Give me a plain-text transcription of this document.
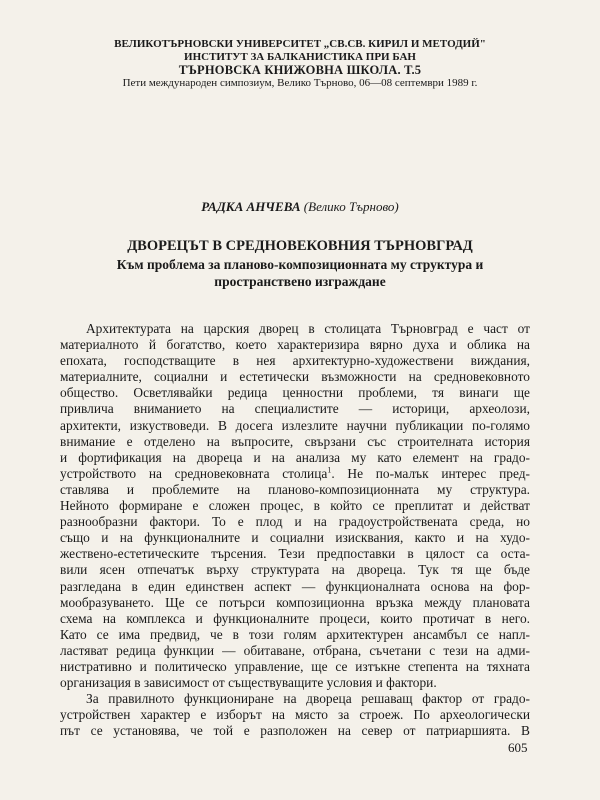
ВЕЛИКОТЪРНОВСКИ УНИВЕРСИТЕТ „СВ.СВ. КИРИЛ И МЕТОДИЙ"
ИНСТИТУТ ЗА БАЛКАНИСТИКА ПРИ БАН
ТЪРНОВСКА КНИЖОВНА ШКОЛА. Т.5
Пети международен симпозиум, Велико Търново, 06—08 септември 1989 г.
РАДКА АНЧЕВА (Велико Търново)
ДВОРЕЦЪТ В СРЕДНОВЕКОВНИЯ ТЪРНОВГРАД
Към проблема за планово-композиционната му структура и
пространствено изграждане
Архитектурата на царския дворец в столицата Търновград е част от
материалното й богатство, което характеризира вярно духа и облика на
епохата, господстващите в нея архитектурно-художествени виждания,
материалните, социални и естетически възможности на средновековното
общество. Осветлявайки редица ценностни проблеми, тя винаги ще
привлича вниманието на специалистите — историци, археолози,
архитекти, изкуствоведи. В досега излезлите научни публикации по-голямо
внимание е отделено на въпросите, свързани със строителната история
и фортификация на двореца и на анализа му като елемент на градо-
устройството на средновековната столица$^1$. Не по-малък интерес пред-
ставлява и проблемите на планово-композиционната му структура.
Нейното формиране е сложен процес, в който се преплитат и действат
разнообразни фактори. То е плод и на градоустройствената среда, но
също и на функционалните и социални изисквания, както и на худо-
жествено-естетическите търсения. Тези предпоставки в цялост са оста-
вили ясен отпечатък върху структурата на двореца. Тук тя ще бъде
разгледана в един единствен аспект — функционалната основа на фор-
мообразуването. Ще се потърси композиционна връзка между плановата
схема на комплекса и функционалните процеси, които протичат в него.
Като се има предвид, че в този голям архитектурен ансамбъл се напл-
ластяват редица функции — обитаване, отбрана, съчетани с тези на адми-
нистративно и политическо управление, ще се изтъкне степента на тяхната
организация в зависимост от съществуващите условия и фактори.
За правилното функциониране на двореца решаващ фактор от градо-
устройствен характер е изборът на място за строеж. По археологически
път се установява, че той е разположен на север от патриаршията. В
605
